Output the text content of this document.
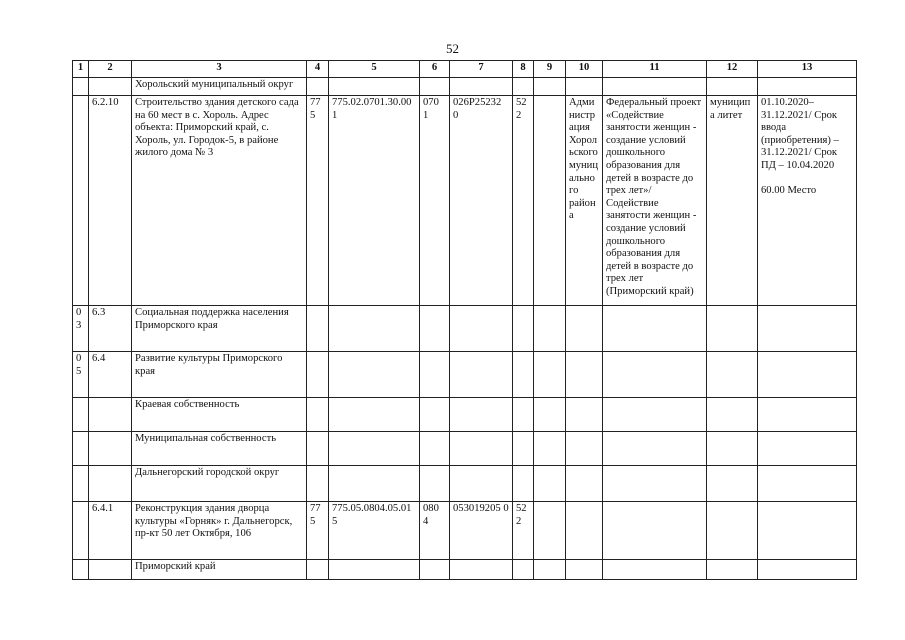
52
1	2	3	4	5	6	7	8	9	10	11	12	13
		Хорольский муниципальный округ										
	6.2.10	Строительство здания детского сада на 60 мест в с. Хороль. Адрес объекта: Приморский край, с. Хороль, ул. Городок-5, в районе жилого дома № 3	775	775.02.0701.30.00 1	070 1	026P25232 0	52 2		Адми нистр ация Хорол ьского муниц ально го район а	Федеральный проект «Содействие занятости женщин - создание условий дошкольного образования для детей в возрасте до трех лет»/Содействие занятости женщин - создание условий дошкольного образования для детей в возрасте до трех лет (Приморский край)	муниципа литет	01.10.2020– 31.12.2021/ Срок ввода (приобретения) – 31.12.2021/ Срок ПД – 10.04.2020
60.00 Место

03	6.3	Социальная поддержка населения Приморского края										
05	6.4	Развитие культуры Приморского края										
		Краевая собственность										
		Муниципальная собственность										
		Дальнегорский городской округ										
	6.4.1	Реконструкция здания дворца культуры «Горняк» г. Дальнегорск, пр-кт 50 лет Октября, 106	775	775.05.0804.05.01 5	080 4	053019205 0	52 2					
		Приморский край										
